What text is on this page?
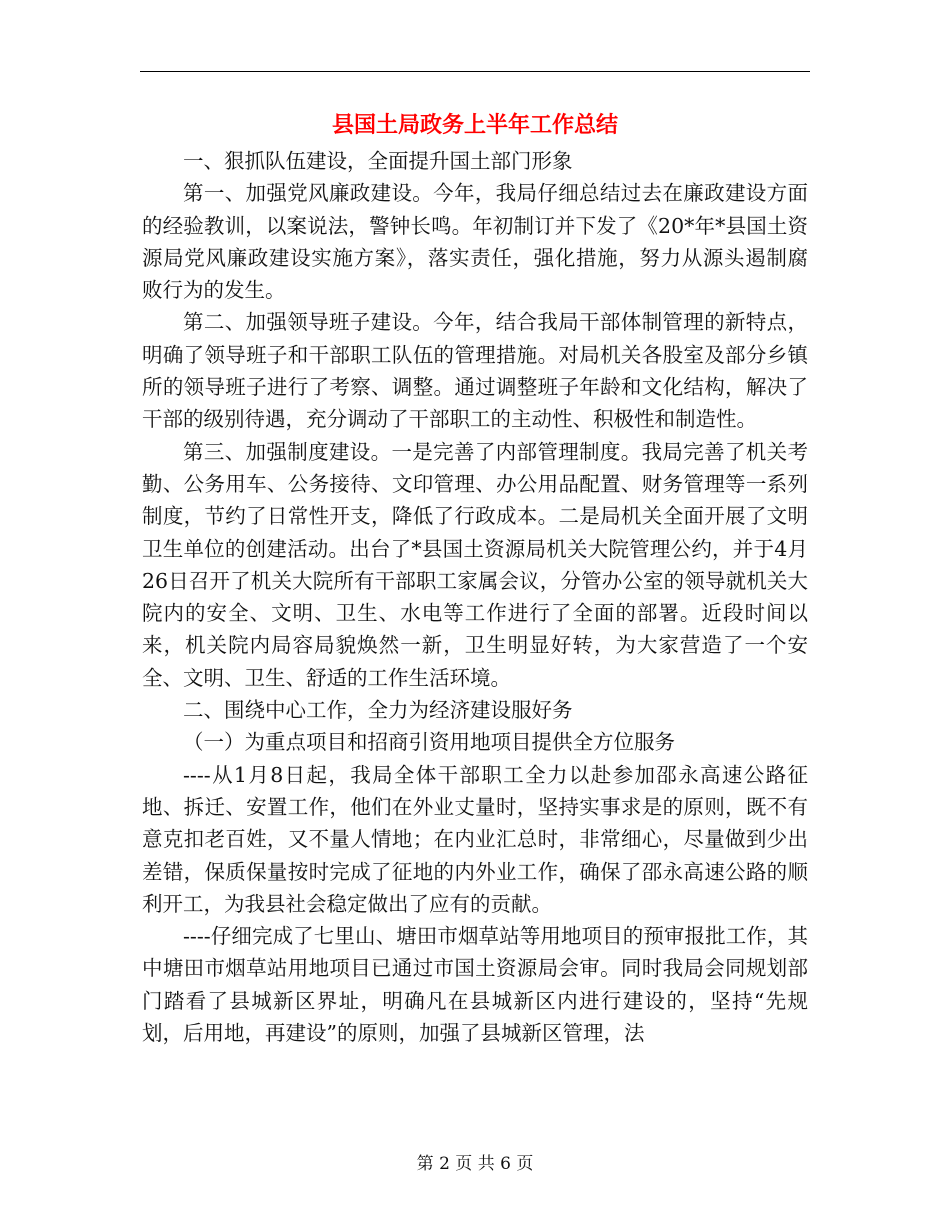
县国土局政务上半年工作总结

一、狠抓队伍建设，全面提升国土部门形象

第一、加强党风廉政建设。今年，我局仔细总结过去在廉政建设方面的经验教训，以案说法，警钟长鸣。年初制订并下发了《20*年*县国土资源局党风廉政建设实施方案》，落实责任，强化措施，努力从源头遏制腐败行为的发生。

第二、加强领导班子建设。今年，结合我局干部体制管理的新特点，明确了领导班子和干部职工队伍的管理措施。对局机关各股室及部分乡镇所的领导班子进行了考察、调整。通过调整班子年龄和文化结构，解决了干部的级别待遇，充分调动了干部职工的主动性、积极性和制造性。

第三、加强制度建设。一是完善了内部管理制度。我局完善了机关考勤、公务用车、公务接待、文印管理、办公用品配置、财务管理等一系列制度，节约了日常性开支，降低了行政成本。二是局机关全面开展了文明卫生单位的创建活动。出台了*县国土资源局机关大院管理公约，并于4月26日召开了机关大院所有干部职工家属会议，分管办公室的领导就机关大院内的安全、文明、卫生、水电等工作进行了全面的部署。近段时间以来，机关院内局容局貌焕然一新，卫生明显好转，为大家营造了一个安全、文明、卫生、舒适的工作生活环境。

二、围绕中心工作，全力为经济建设服好务

（一）为重点项目和招商引资用地项目提供全方位服务

----从1月8日起，我局全体干部职工全力以赴参加邵永高速公路征地、拆迁、安置工作，他们在外业丈量时，坚持实事求是的原则，既不有意克扣老百姓，又不量人情地；在内业汇总时，非常细心，尽量做到少出差错，保质保量按时完成了征地的内外业工作，确保了邵永高速公路的顺利开工，为我县社会稳定做出了应有的贡献。

----仔细完成了七里山、塘田市烟草站等用地项目的预审报批工作，其中塘田市烟草站用地项目已通过市国土资源局会审。同时我局会同规划部门踏看了县城新区界址，明确凡在县城新区内进行建设的，坚持“先规划，后用地，再建设”的原则，加强了县城新区管理，法

第 2 页 共 6 页
